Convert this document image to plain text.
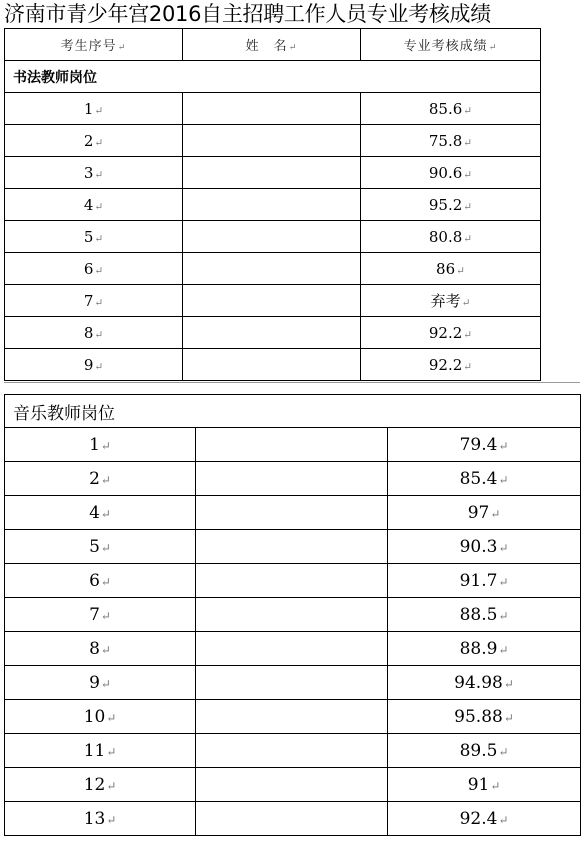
济南市青少年宫2016自主招聘工作人员专业考核成绩
考生序号↵	姓　名↵	专业考核成绩↵
书法教师岗位		
1↵		85.6↵
2↵		75.8↵
3↵		90.6↵
4↵		95.2↵
5↵		80.8↵
6↵		86↵
7↵		弃考↵
8↵		92.2↵
9↵		92.2↵
音乐教师岗位		
1↵		79.4↵
2↵		85.4↵
4↵		97↵
5↵		90.3↵
6↵		91.7↵
7↵		88.5↵
8↵		88.9↵
9↵		94.98↵
10↵		95.88↵
11↵		89.5↵
12↵		91↵
13↵		92.4↵
